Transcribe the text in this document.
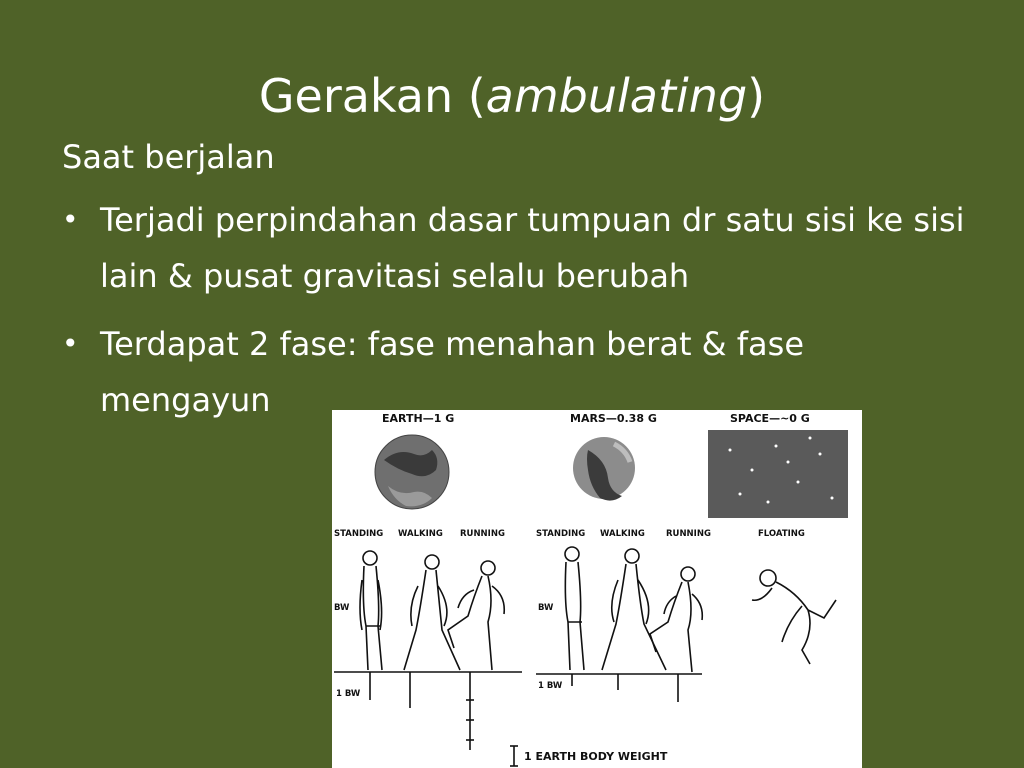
Gerakan (ambulating)

Saat berjalan

• Terjadi perpindahan dasar tumpuan dr satu sisi ke sisi lain & pusat gravitasi selalu berubah
• Terdapat 2 fase: fase menahan berat & fase mengayun	EARTH—1 G	MARS—0.38 G	SPACE—~0 G
STANDING WALKING RUNNING	STANDING WALKING RUNNING	FLOATING
BW	BW
1 BW
1 BW
1 EARTH BODY WEIGHT
